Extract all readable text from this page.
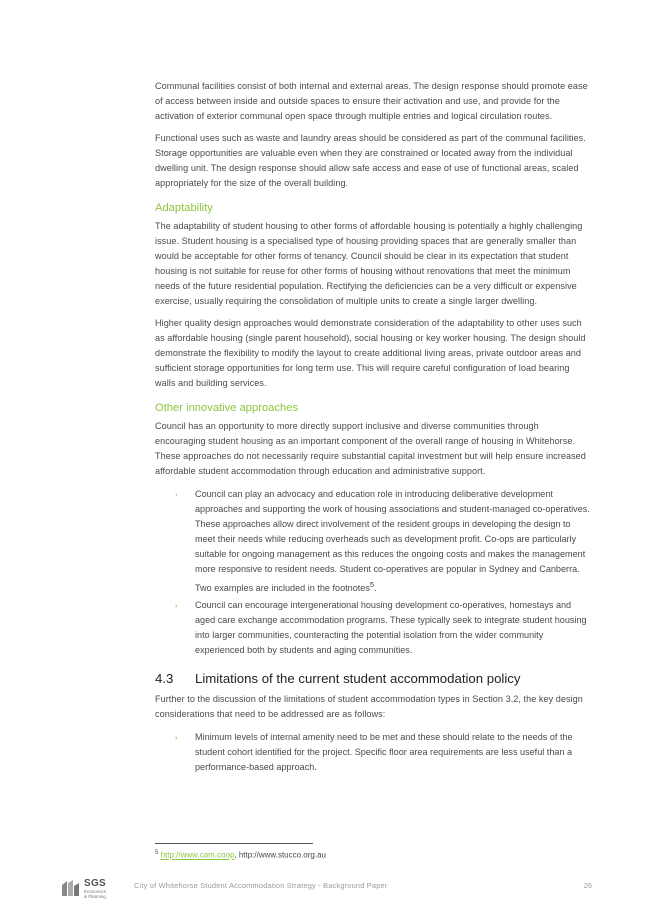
Communal facilities consist of both internal and external areas. The design response should promote ease of access between inside and outside spaces to ensure their activation and use, and provide for the activation of exterior communal open space through multiple entries and logical circulation routes.

Functional uses such as waste and laundry areas should be considered as part of the communal facilities. Storage opportunities are valuable even when they are constrained or located away from the individual dwelling unit. The design response should allow safe access and ease of use of functional areas, scaled appropriately for the size of the overall building.

Adaptability

The adaptability of student housing to other forms of affordable housing is potentially a highly challenging issue. Student housing is a specialised type of housing providing spaces that are generally smaller than would be acceptable for other forms of tenancy. Council should be clear in its expectation that student housing is not suitable for reuse for other forms of housing without renovations that meet the minimum needs of the future residential population. Rectifying the deficiencies can be a very difficult or expensive exercise, usually requiring the consolidation of multiple units to create a single larger dwelling.

Higher quality design approaches would demonstrate consideration of the adaptability to other uses such as affordable housing (single parent household), social housing or key worker housing. The design should demonstrate the flexibility to modify the layout to create additional living areas, private outdoor areas and sufficient storage opportunities for long term use. This will require careful configuration of load bearing walls and building services.

Other innovative approaches

Council has an opportunity to more directly support inclusive and diverse communities through encouraging student housing as an important component of the overall range of housing in Whitehorse. These approaches do not necessarily require substantial capital investment but will help ensure increased affordable student accommodation through education and administrative support.

› Council can play an advocacy and education role in introducing deliberative development approaches and supporting the work of housing associations and student-managed co-operatives. These approaches allow direct involvement of the resident groups in developing the design to meet their needs while reducing overheads such as development profit. Co-ops are particularly suitable for ongoing management as this reduces the ongoing costs and makes the management more responsive to resident needs. Student co-operatives are popular in Sydney and Canberra. Two examples are included in the footnotes$^5$.
› Council can encourage intergenerational housing development co-operatives, homestays and aged care exchange accommodation programs. These typically seek to integrate student housing into larger communities, counteracting the potential isolation from the wider community experienced both by students and aging communities.
4.3 Limitations of the current student accommodation policy

Further to the discussion of the limitations of student accommodation types in Section 3.2, the key design considerations that need to be addressed are as follows:

› Minimum levels of internal amenity need to be met and these should relate to the needs of the student cohort identified for the project. Specific floor area requirements are less useful than a performance-based approach.
$^5$ http://www.cam.coop, http://www.stucco.org.au
SGS
Economics
& Planning
City of Whitehorse Student Accommodation Strategy - Background Paper	26
